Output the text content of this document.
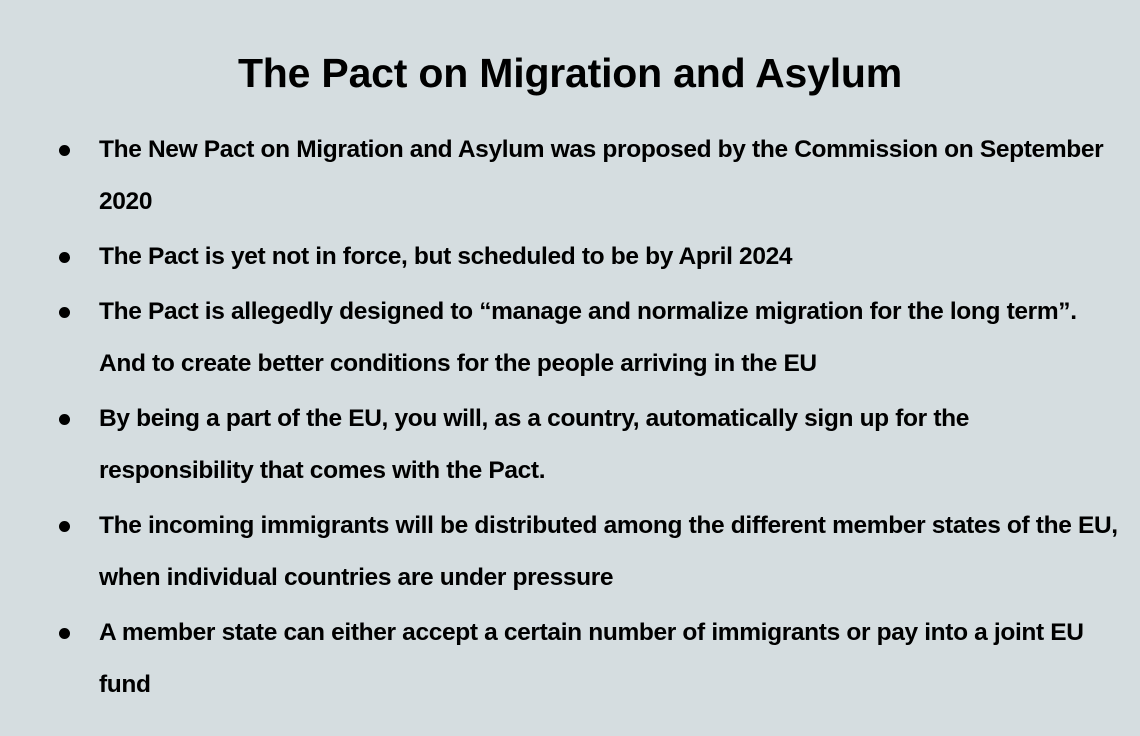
The Pact on Migration and Asylum
The New Pact on Migration and Asylum was proposed by the Commission on September 2020
The Pact is yet not in force, but scheduled to be by April 2024
The Pact is allegedly designed to “manage and normalize migration for the long term”. And to create better conditions for the people arriving in the EU
By being a part of the EU, you will, as a country, automatically sign up for the responsibility that comes with the Pact.
The incoming immigrants will be distributed among the different member states of the EU, when individual countries are under pressure
A member state can either accept a certain number of immigrants or pay into a joint EU fund
